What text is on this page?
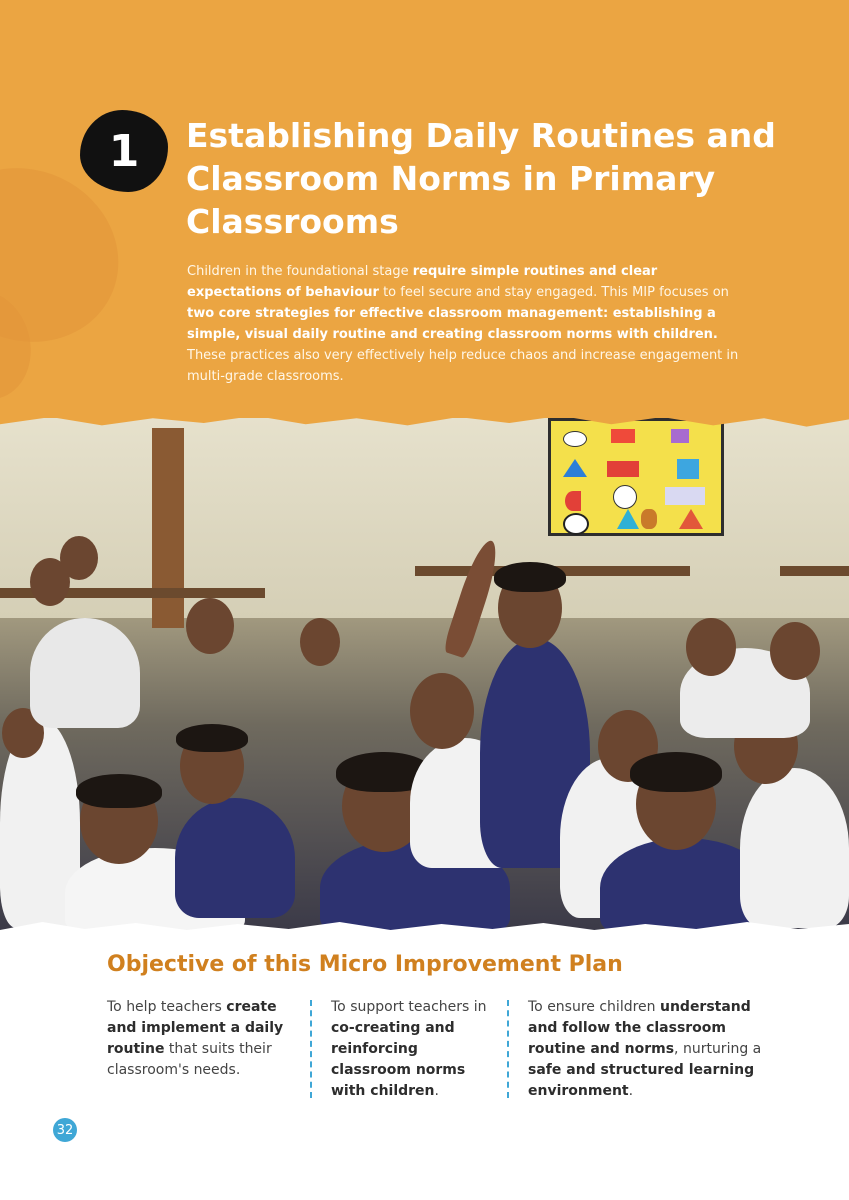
1	Establishing Daily Routines and Classroom Norms in Primary Classrooms

Children in the foundational stage require simple routines and clear expectations of behaviour to feel secure and stay engaged. This MIP focuses on two core strategies for effective classroom management: establishing a simple, visual daily routine and creating classroom norms with children. These practices also very effectively help reduce chaos and increase engagement in multi-grade classrooms.

Objective of this Micro Improvement Plan

To help teachers create and implement a daily routine that suits their classroom's needs.

To support teachers in co-creating and reinforcing classroom norms with children.

To ensure children understand and follow the classroom routine and norms, nurturing a safe and structured learning environment.

32
